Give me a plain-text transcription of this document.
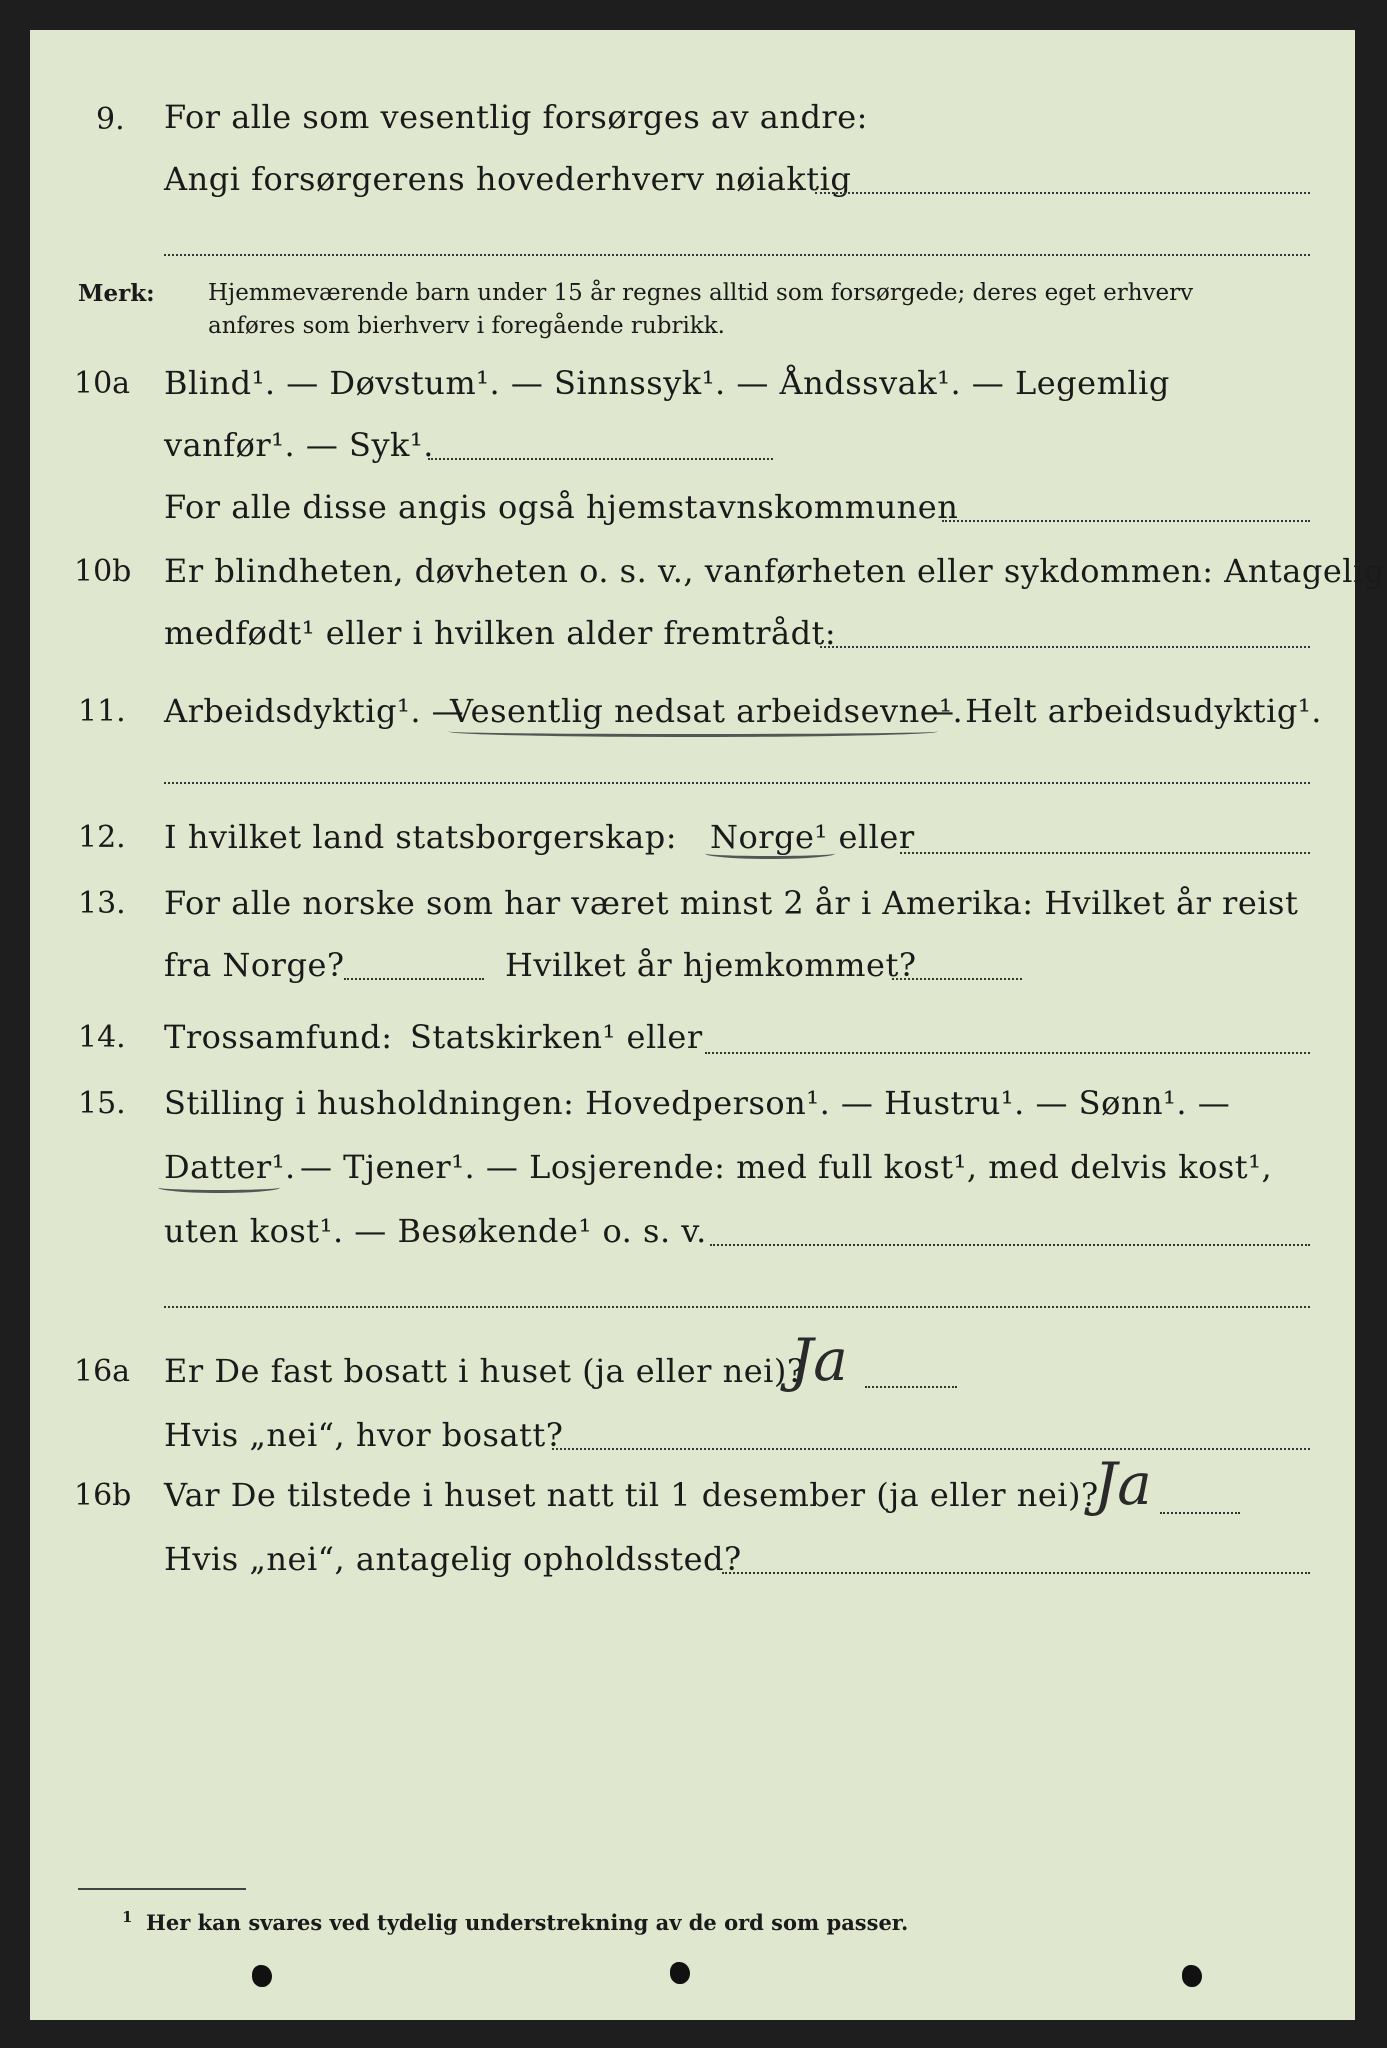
9. For alle som vesentlig forsørges av andre:
Angi forsørgerens hovederhverv nøiaktig
Merk: Hjemmeværende barn under 15 år regnes alltid som forsørgede; deres eget erhverv
anføres som bierhverv i foregående rubrikk.
10a Blind¹. — Døvstum¹. — Sinnssyk¹. — Åndssvak¹. — Legemlig
vanfør¹. — Syk¹.
For alle disse angis også hjemstavnskommunen
10b Er blindheten, døvheten o. s. v., vanførheten eller sykdommen: Antagelig
medfødt¹ eller i hvilken alder fremtrådt:
11. Arbeidsdyktig¹. —
Vesentlig nedsat arbeidsevne¹.
— Helt arbeidsudyktig¹.
12. I hvilket land statsborgerskap: Norge¹ eller
13. For alle norske som har været minst 2 år i Amerika: Hvilket år reist
fra Norge?	Hvilket år hjemkommet?
14. Trossamfund: Statskirken¹ eller
15. Stilling i husholdningen: Hovedperson¹. — Hustru¹. — Sønn¹. —
Datter¹. — Tjener¹. — Losjerende: med full kost¹, med delvis kost¹,
uten kost¹. — Besøkende¹ o. s. v.
16a Er De fast bosatt i huset (ja eller nei)?
Ja
Hvis „nei“, hvor bosatt?
16b Var De tilstede i huset natt til 1 desember (ja eller nei)?
Ja
Hvis „nei“, antagelig opholdssted?
1 Her kan svares ved tydelig understrekning av de ord som passer.
